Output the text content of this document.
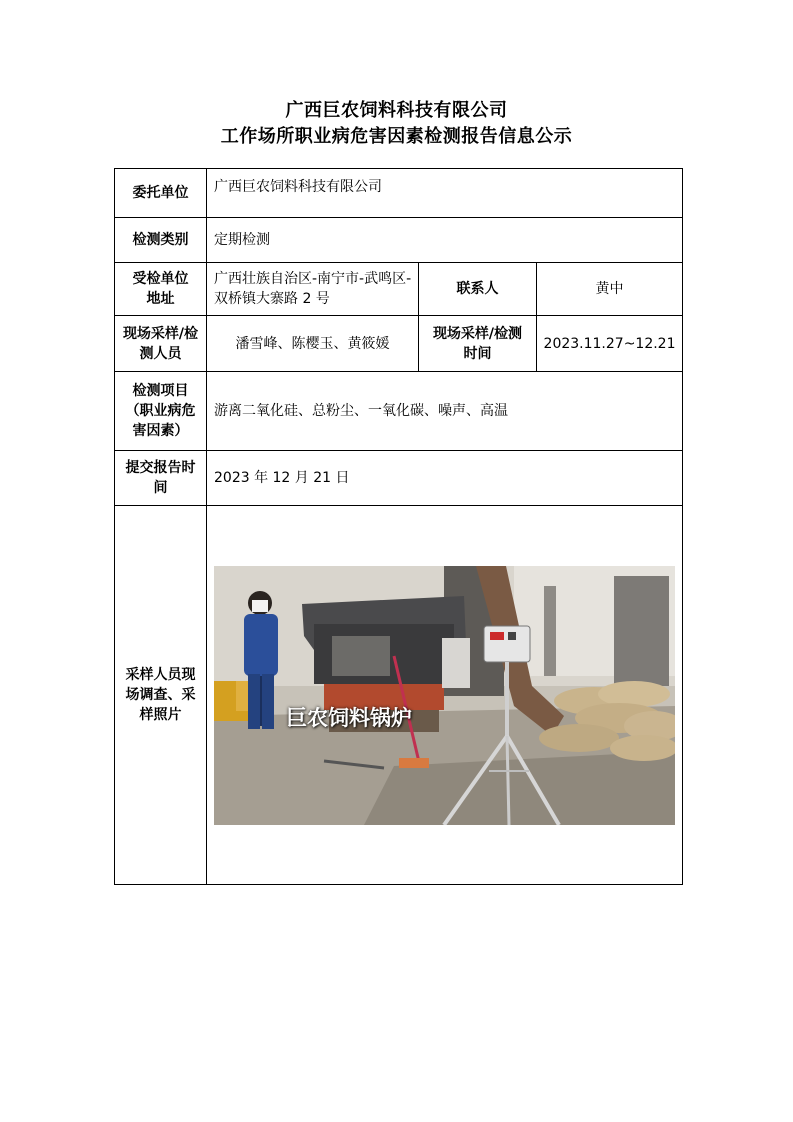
广西巨农饲料科技有限公司
工作场所职业病危害因素检测报告信息公示
委托单位	广西巨农饲料科技有限公司		
检测类别	定期检测		
受检单位地址	广西壮族自治区-南宁市-武鸣区-双桥镇大寨路 2 号	联系人	黄中
现场采样/检测人员	潘雪峰、陈樱玉、黄筱媛	现场采样/检测时间	2023.11.27~12.21
检测项目（职业病危害因素）	游离二氧化硅、总粉尘、一氧化碳、噪声、高温		
提交报告时间	2023 年 12 月 21 日		
采样人员现场调查、采样照片	巨农饲料锅炉		
